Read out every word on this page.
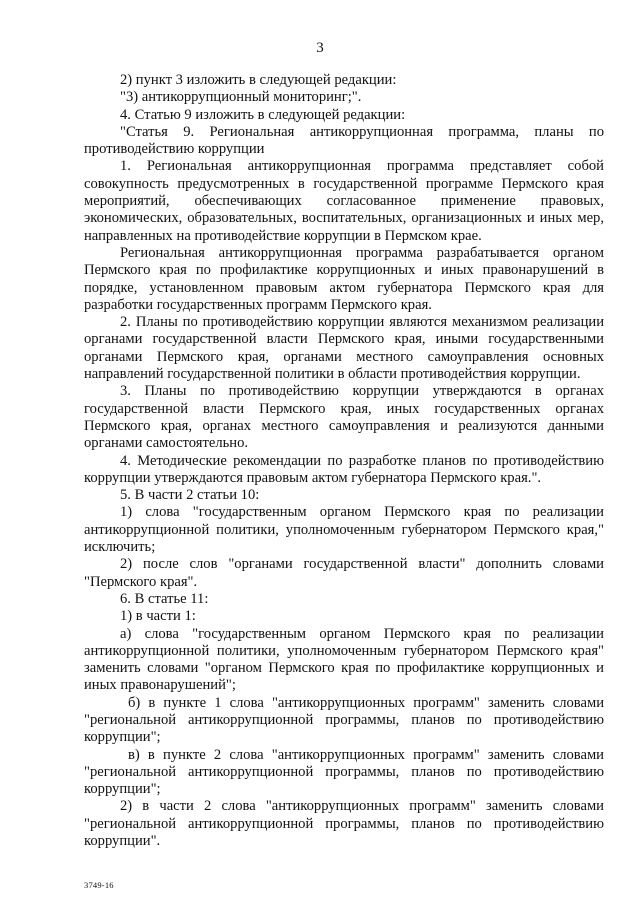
3

2) пункт 3 изложить в следующей редакции:

"3) антикоррупционный мониторинг;".

4. Статью 9 изложить в следующей редакции:

"Статья 9. Региональная антикоррупционная программа, планы по противодействию коррупции

1. Региональная антикоррупционная программа представляет собой совокупность предусмотренных в государственной программе Пермского края мероприятий, обеспечивающих согласованное применение правовых, экономических, образовательных, воспитательных, организационных и иных мер, направленных на противодействие коррупции в Пермском крае.

Региональная антикоррупционная программа разрабатывается органом Пермского края по профилактике коррупционных и иных правонарушений в порядке, установленном правовым актом губернатора Пермского края для разработки государственных программ Пермского края.

2. Планы по противодействию коррупции являются механизмом реализации органами государственной власти Пермского края, иными государственными органами Пермского края, органами местного самоуправления основных направлений государственной политики в области противодействия коррупции.

3. Планы по противодействию коррупции утверждаются в органах государственной власти Пермского края, иных государственных органах Пермского края, органах местного самоуправления и реализуются данными органами самостоятельно.

4. Методические рекомендации по разработке планов по противодействию коррупции утверждаются правовым актом губернатора Пермского края.".

5. В части 2 статьи 10:

1) слова "государственным органом Пермского края по реализации антикоррупционной политики, уполномоченным губернатором Пермского края," исключить;

2) после слов "органами государственной власти" дополнить словами "Пермского края".

6. В статье 11:

1) в части 1:

а) слова "государственным органом Пермского края по реализации антикоррупционной политики, уполномоченным губернатором Пермского края" заменить словами "органом Пермского края по профилактике коррупционных и иных правонарушений";

б) в пункте 1 слова "антикоррупционных программ" заменить словами "региональной антикоррупционной программы, планов по противодействию коррупции";

в) в пункте 2 слова "антикоррупционных программ" заменить словами "региональной антикоррупционной программы, планов по противодействию коррупции";

2) в части 2 слова "антикоррупционных программ" заменить словами "региональной антикоррупционной программы, планов по противодействию коррупции".

3749-16
